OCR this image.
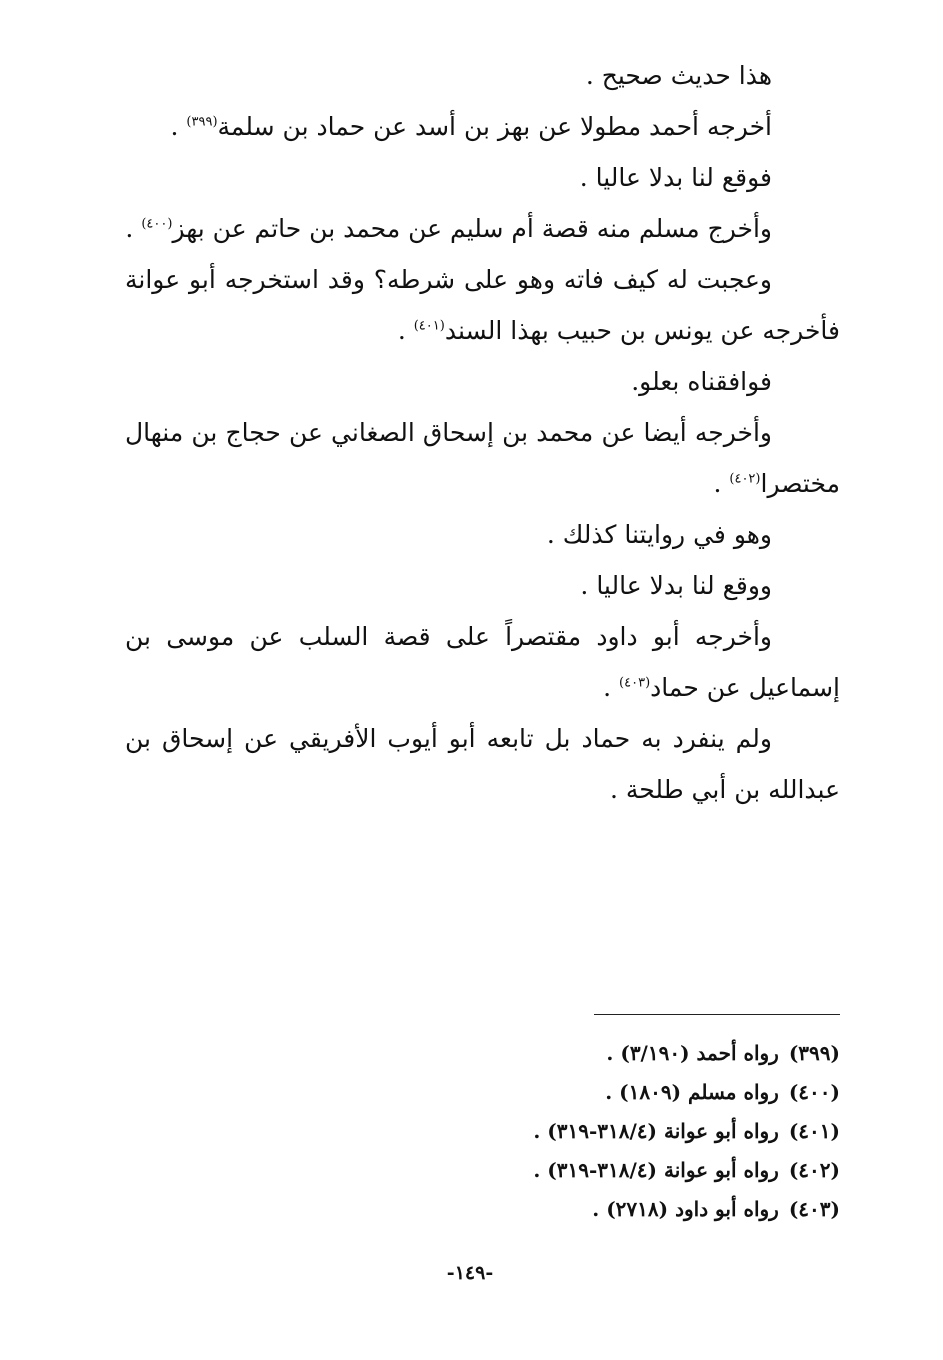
هذا حديث صحيح .

أخرجه أحمد مطولا عن بهز بن أسد عن حماد بن سلمة$^{(٣٩٩)}$ .

فوقع لنا بدلا عاليا .

وأخرج مسلم منه قصة أم سليم عن محمد بن حاتم عن بهز$^{(٤٠٠)}$ .

وعجبت له كيف فاته وهو على شرطه؟ وقد استخرجه أبو عوانة فأخرجه عن يونس بن حبيب بهذا السند$^{(٤٠١)}$ .

فوافقناه بعلو.

وأخرجه أيضا عن محمد بن إسحاق الصغاني عن حجاج بن منهال مختصرا$^{(٤٠٢)}$ .

وهو في روايتنا كذلك .

ووقع لنا بدلا عاليا .

وأخرجه أبو داود مقتصراً على قصة السلب عن موسى بن إسماعيل عن حماد$^{(٤٠٣)}$ .

ولم ينفرد به حماد بل تابعه أبو أيوب الأفريقي عن إسحاق بن عبدالله بن أبي طلحة .

(٣٩٩)رواه أحمد (٣/١٩٠) .
(٤٠٠)رواه مسلم (١٨٠٩) .
(٤٠١)رواه أبو عوانة (٣١٨/٤-٣١٩) .
(٤٠٢)رواه أبو عوانة (٣١٨/٤-٣١٩) .
(٤٠٣)رواه أبو داود (٢٧١٨) .
-١٤٩-
